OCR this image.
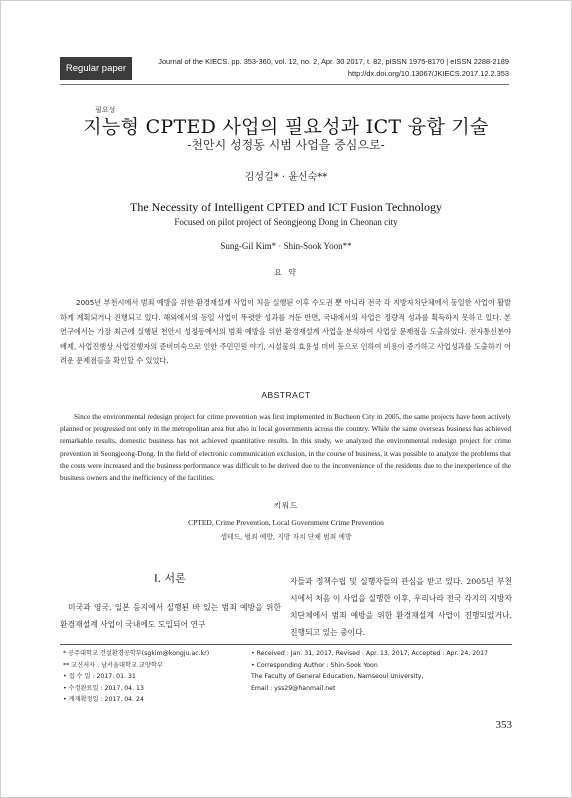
Regular paper
Journal of the KIECS. pp. 353-360, vol. 12, no. 2, Apr. 30 2017, t. 82, pISSN 1975-8170 | eISSN 2288-2189
http://dx.doi.org/10.13067/JKIECS.2017.12.2.353
필요성
지능형 CPTED 사업의 필요성과 ICT 융합 기술
-천안시 성정동 시범 사업을 중심으로-
김성길* · 윤신숙**
The Necessity of Intelligent CPTED and ICT Fusion Technology
Focused on pilot project of Seongjeong Dong in Cheonan city
Sung-Gil Kim* · Shin-Sook Yoon**
요 약

2005년 부천시에서 범죄 예방을 위한 환경재설계 사업이 처음 실행된 이후 수도권 뿐 아니라 전국 각 지방자치단체에서 동일한 사업이 활발하게 계획되거나 진행되고 있다. 해외에서의 동일 사업이 뚜렷한 성과를 거둔 반면, 국내에서의 사업은 정량적 성과를 획득하지 못하고 있다. 본 연구에서는 가장 최근에 실행된 천안시 성정동에서의 범죄 예방을 위한 환경재설계 사업을 분석하여 사업상 문제점을 도출하였다. 전자통신분야 배제, 사업진행상 사업진행자의 준비미숙으로 인한 주민민원 야기, 시설물의 효용성 미비 등으로 인하여 비용이 증가하고 사업성과를 도출하기 어려운 문제점들을 확인할 수 있었다.

ABSTRACT

Since the environmental redesign project for crime prevention was first implemented in Bucheon City in 2005, the same projects have been actively planned or progressed not only in the metropolitan area but also in local governments across the country. While the same overseas business has achieved remarkable results, domestic business has not achieved quantitative results. In this study, we analyzed the environmental redesign project for crime prevention in Seongjeong-Dong. In the field of electronic communication exclusion, in the course of business, it was possible to analyze the problems that the costs were increased and the business performance was difficult to be derived due to the inconvenience of the residents due to the inexperience of the business owners and the inefficiency of the facilities.

키워드
CPTED, Crime Prevention, Local Government Crime Prevention
셉테드, 범죄 예방, 지방 자치 단체 범죄 예방
Ⅰ. 서론

미국과 영국, 일본 등지에서 실행된 바 있는 범죄 예방을 위한 환경재설계 사업이 국내에도 도입되어 연구

자들과 정책수립 및 실행자들의 관심을 받고 있다. 2005년 부천시에서 처음 이 사업을 실행한 이후, 우리나라 전국 각지의 지방자치단체에서 범죄 예방을 위한 환경재설계 사업이 진행되었거나, 진행되고 있는 중이다.

* 공주대학교 건설환경공학부(sgkim@kongju.ac.kr)
** 교신저자 : 남서울대학교 교양학부
• 접 수 일 : 2017. 01. 31
• 수정완료일 : 2017. 04. 13
• 게재확정일 : 2017. 04. 24
• Received : Jan. 31, 2017, Revised : Apr. 13, 2017, Accepted : Apr. 24, 2017
• Corresponding Author : Shin-Sook Yoon
The Faculty of General Education, Namseoul University,
Email : yss29@hanmail.net
353
